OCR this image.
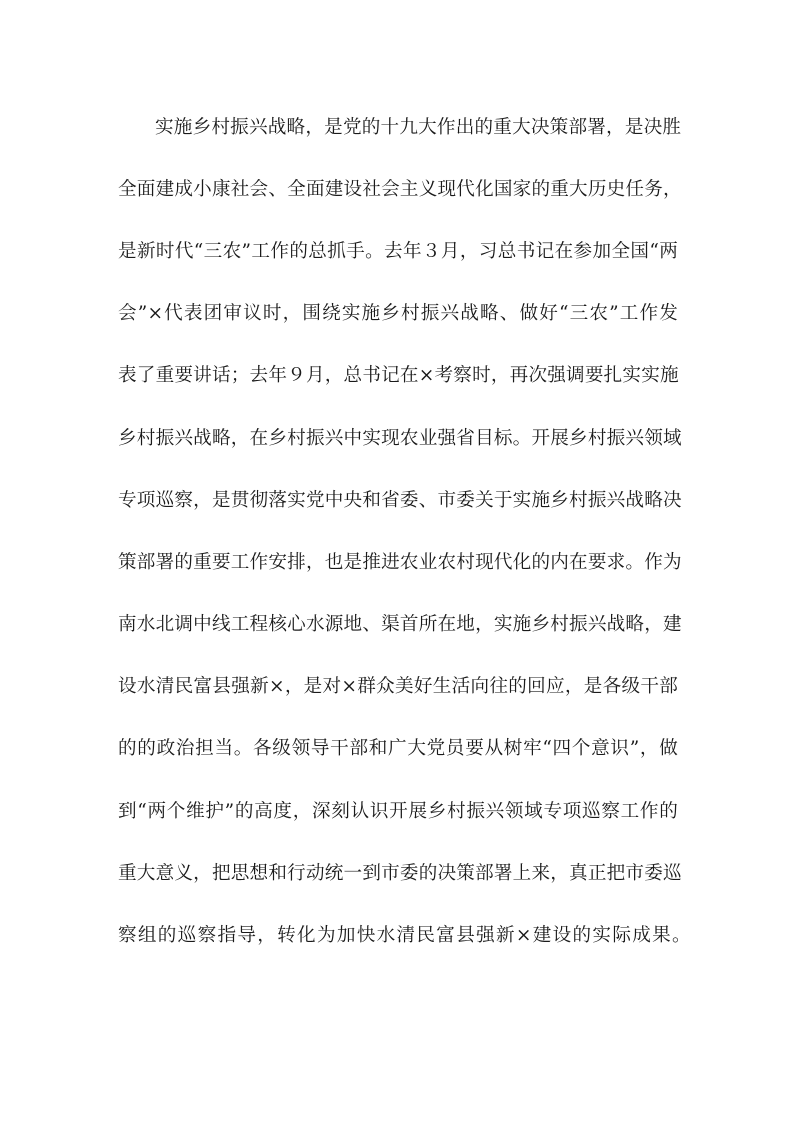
实施乡村振兴战略，是党的十九大作出的重大决策部署，是决胜
全面建成小康社会、全面建设社会主义现代化国家的重大历史任务，
是新时代“三农”工作的总抓手。去年３月，习总书记在参加全国“两
会”×代表团审议时，围绕实施乡村振兴战略、做好“三农”工作发
表了重要讲话；去年９月，总书记在×考察时，再次强调要扎实实施
乡村振兴战略，在乡村振兴中实现农业强省目标。开展乡村振兴领域
专项巡察，是贯彻落实党中央和省委、市委关于实施乡村振兴战略决
策部署的重要工作安排，也是推进农业农村现代化的内在要求。作为
南水北调中线工程核心水源地、渠首所在地，实施乡村振兴战略，建
设水清民富县强新×，是对×群众美好生活向往的回应，是各级干部
的的政治担当。各级领导干部和广大党员要从树牢“四个意识”，做
到“两个维护”的高度，深刻认识开展乡村振兴领域专项巡察工作的
重大意义，把思想和行动统一到市委的决策部署上来，真正把市委巡
察组的巡察指导，转化为加快水清民富县强新×建设的实际成果。
